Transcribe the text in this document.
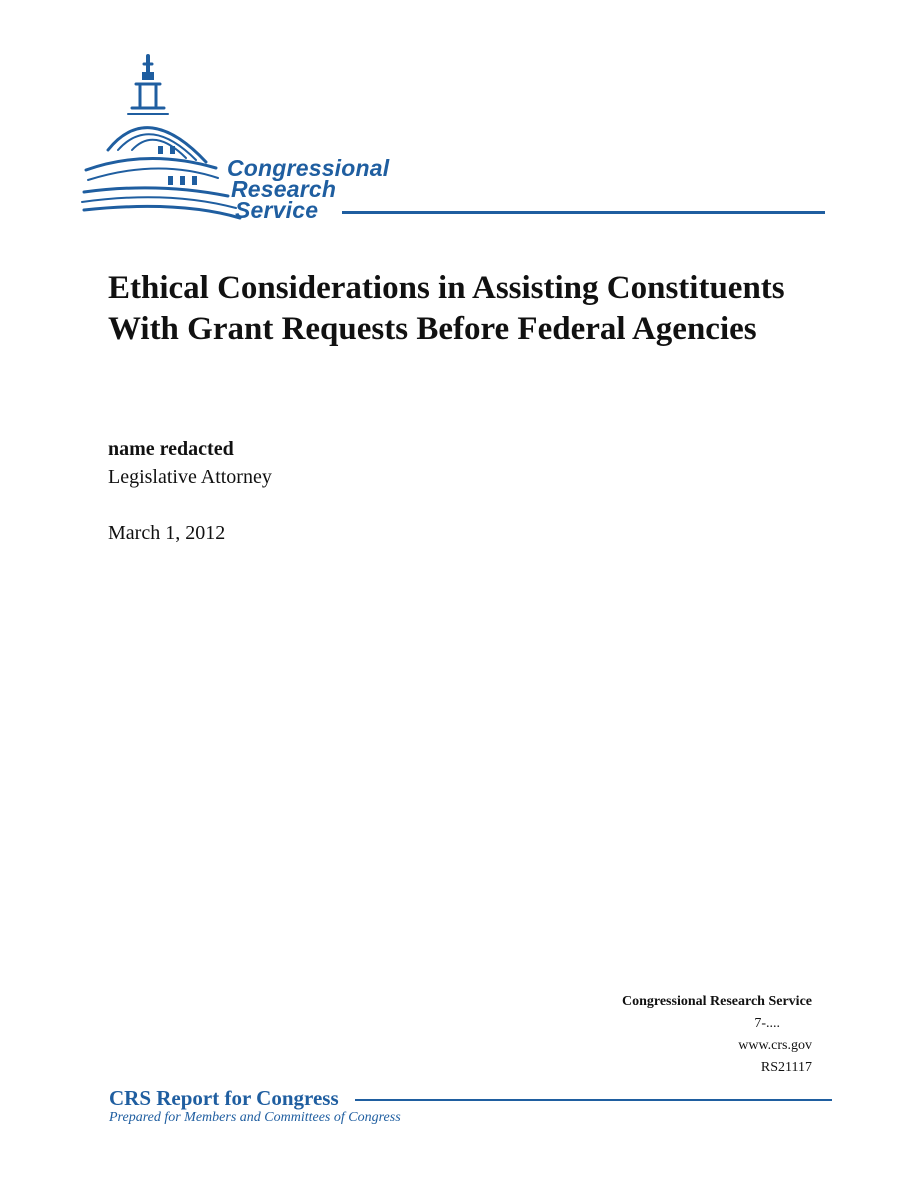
Congressional
Research
Service
Ethical Considerations in Assisting Constituents With Grant Requests Before Federal Agencies
name redacted
Legislative Attorney
March 1, 2012
Congressional Research Service
7-....
www.crs.gov
RS21117
CRS Report for Congress
Prepared for Members and Committees of Congress
